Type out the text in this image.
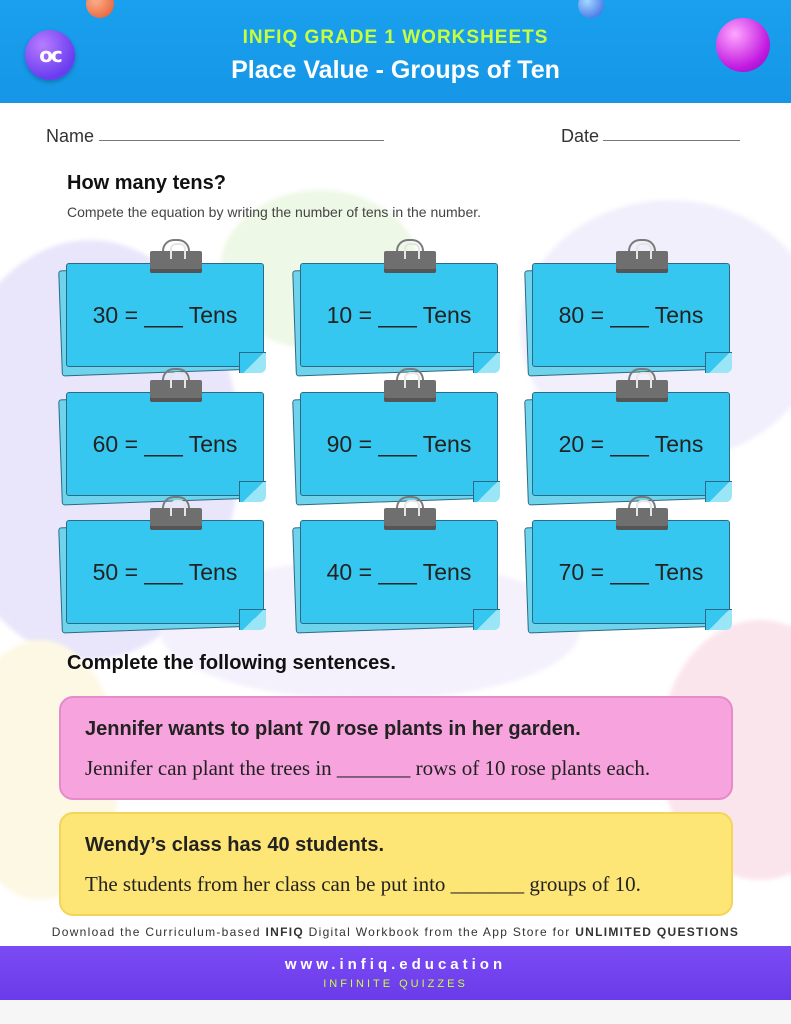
oc
INFIQ GRADE 1 WORKSHEETS
Place Value - Groups of Ten
Name	Date
How many tens?
Compete the equation by writing the number of tens in the number.
30 = ___ Tens	10 = ___ Tens	80 = ___ Tens
60 = ___ Tens	90 = ___ Tens	20 = ___ Tens
50 = ___ Tens	40 = ___ Tens	70 = ___ Tens
Complete the following sentences.
Jennifer wants to plant 70 rose plants in her garden.
Jennifer can plant the trees in _______ rows of 10 rose plants each.
Wendy’s class has 40 students.
The students from her class can be put into _______ groups of 10.
Download the Curriculum-based INFIQ Digital Workbook from the App Store for UNLIMITED QUESTIONS
www.infiq.education
INFINITE QUIZZES
